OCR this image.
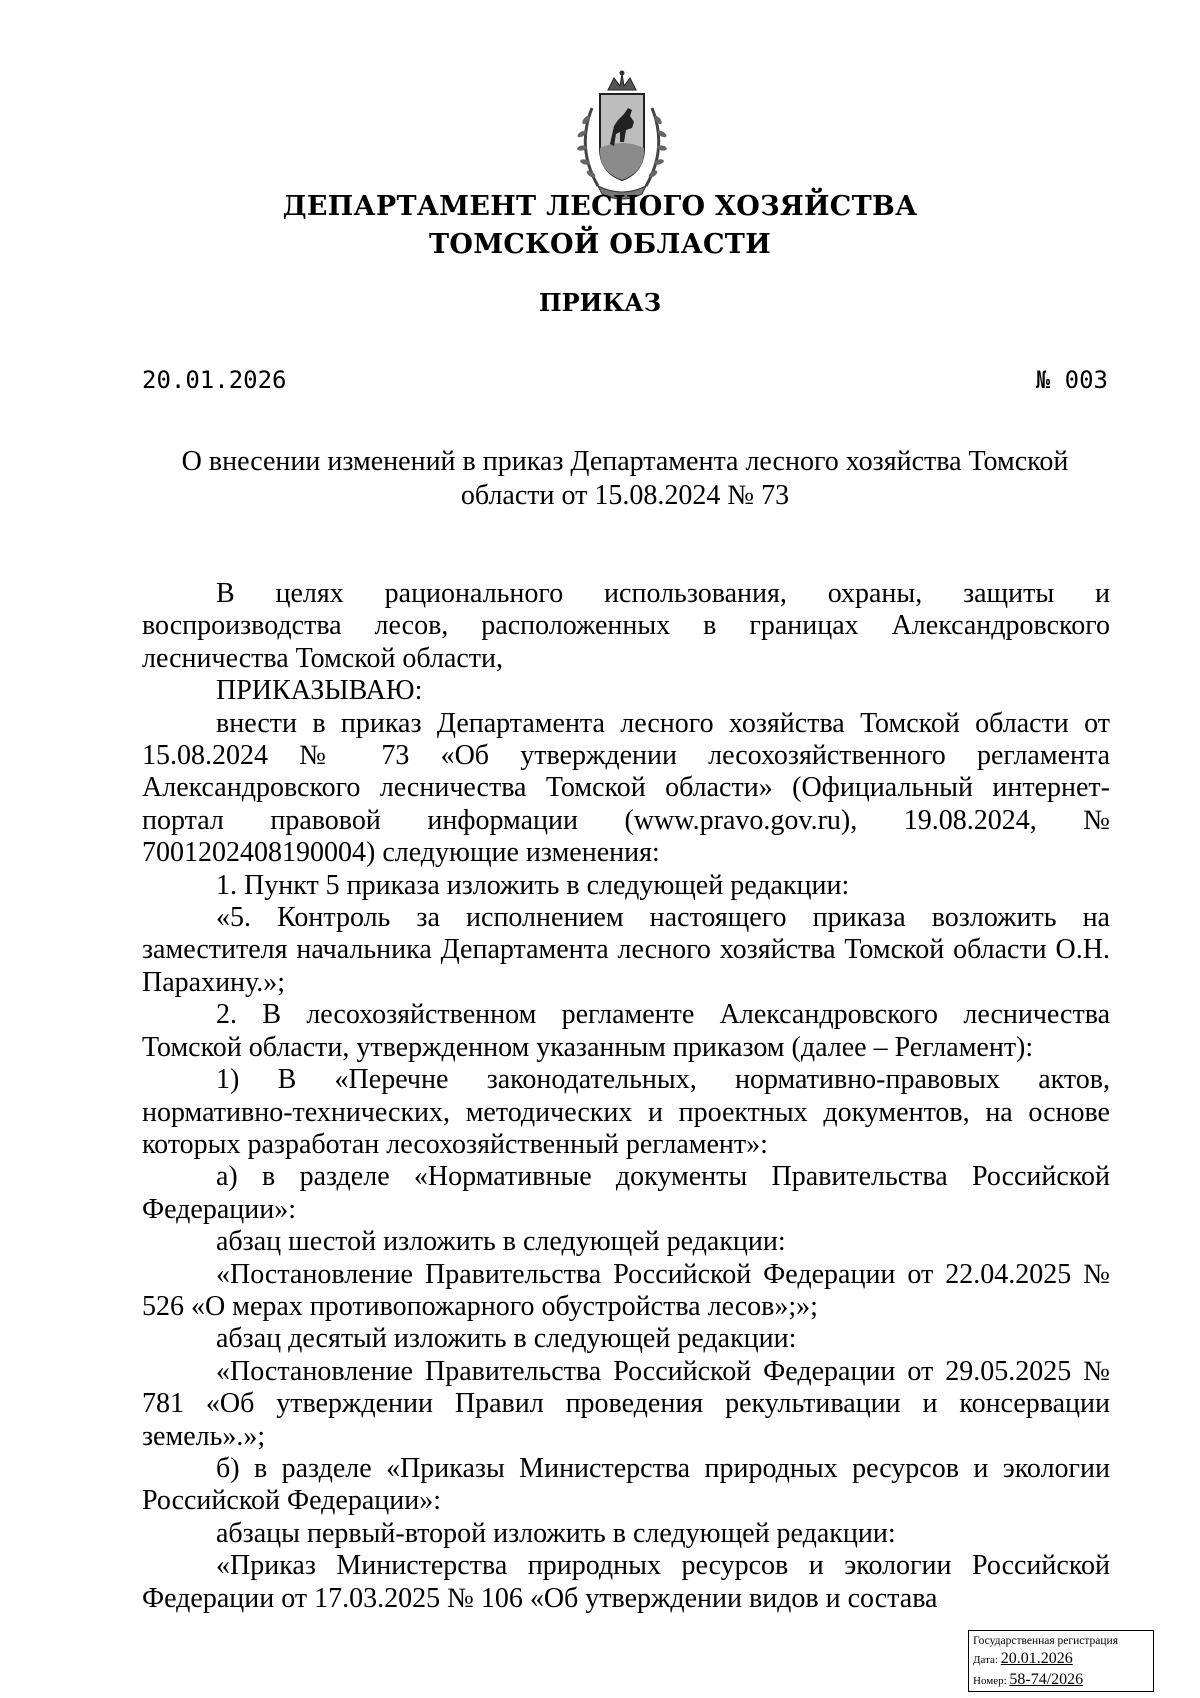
ДЕПАРТАМЕНТ ЛЕСНОГО ХОЗЯЙСТВА
ТОМСКОЙ ОБЛАСТИ
ПРИКАЗ
20.01.2026	№ 003
О внесении изменений в приказ Департамента лесного хозяйства Томской области от 15.08.2024 № 73

В целях рационального использования, охраны, защиты и воспроизводства лесов, расположенных в границах Александровского лесничества Томской области,

ПРИКАЗЫВАЮ:

внести в приказ Департамента лесного хозяйства Томской области от 15.08.2024 № 73 «Об утверждении лесохозяйственного регламента Александровского лесничества Томской области» (Официальный интернет-портал правовой информации (www.pravo.gov.ru), 19.08.2024, № 7001202408190004) следующие изменения:

1. Пункт 5 приказа изложить в следующей редакции:

«5. Контроль за исполнением настоящего приказа возложить на заместителя начальника Департамента лесного хозяйства Томской области О.Н. Парахину.»;

2. В лесохозяйственном регламенте Александровского лесничества Томской области, утвержденном указанным приказом (далее – Регламент):

1) В «Перечне законодательных, нормативно-правовых актов, нормативно-технических, методических и проектных документов, на основе которых разработан лесохозяйственный регламент»:

а) в разделе «Нормативные документы Правительства Российской Федерации»:

абзац шестой изложить в следующей редакции:

«Постановление Правительства Российской Федерации от 22.04.2025 № 526 «О мерах противопожарного обустройства лесов»;»;

абзац десятый изложить в следующей редакции:

«Постановление Правительства Российской Федерации от 29.05.2025 № 781 «Об утверждении Правил проведения рекультивации и консервации земель».»;

б) в разделе «Приказы Министерства природных ресурсов и экологии Российской Федерации»:

абзацы первый-второй изложить в следующей редакции:

«Приказ Министерства природных ресурсов и экологии Российской Федерации от 17.03.2025 № 106 «Об утверждении видов и состава

Государственная регистрация
Дата: 20.01.2026
Номер: 58-74/2026
